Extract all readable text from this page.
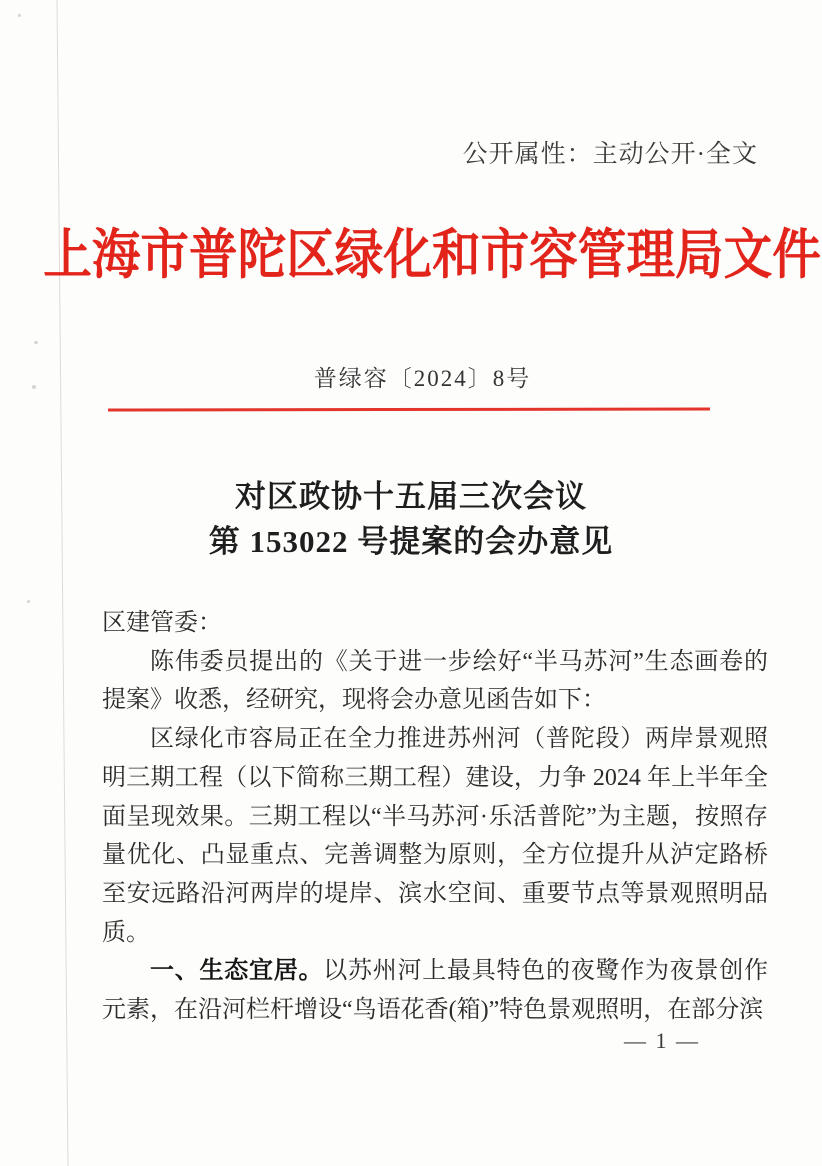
公开属性：主动公开·全文
上海市普陀区绿化和市容管理局文件
普绿容〔2024〕8号
对区政协十五届三次会议
第 153022 号提案的会办意见

区建管委：

陈伟委员提出的《关于进一步绘好“半马苏河”生态画卷的提案》收悉，经研究，现将会办意见函告如下：

区绿化市容局正在全力推进苏州河（普陀段）两岸景观照明三期工程（以下简称三期工程）建设，力争 2024 年上半年全面呈现效果。三期工程以“半马苏河·乐活普陀”为主题，按照存量优化、凸显重点、完善调整为原则，全方位提升从泸定路桥至安远路沿河两岸的堤岸、滨水空间、重要节点等景观照明品质。

一、生态宜居。以苏州河上最具特色的夜鹭作为夜景创作元素，在沿河栏杆增设“鸟语花香(箱)”特色景观照明，在部分滨

— 1 —
